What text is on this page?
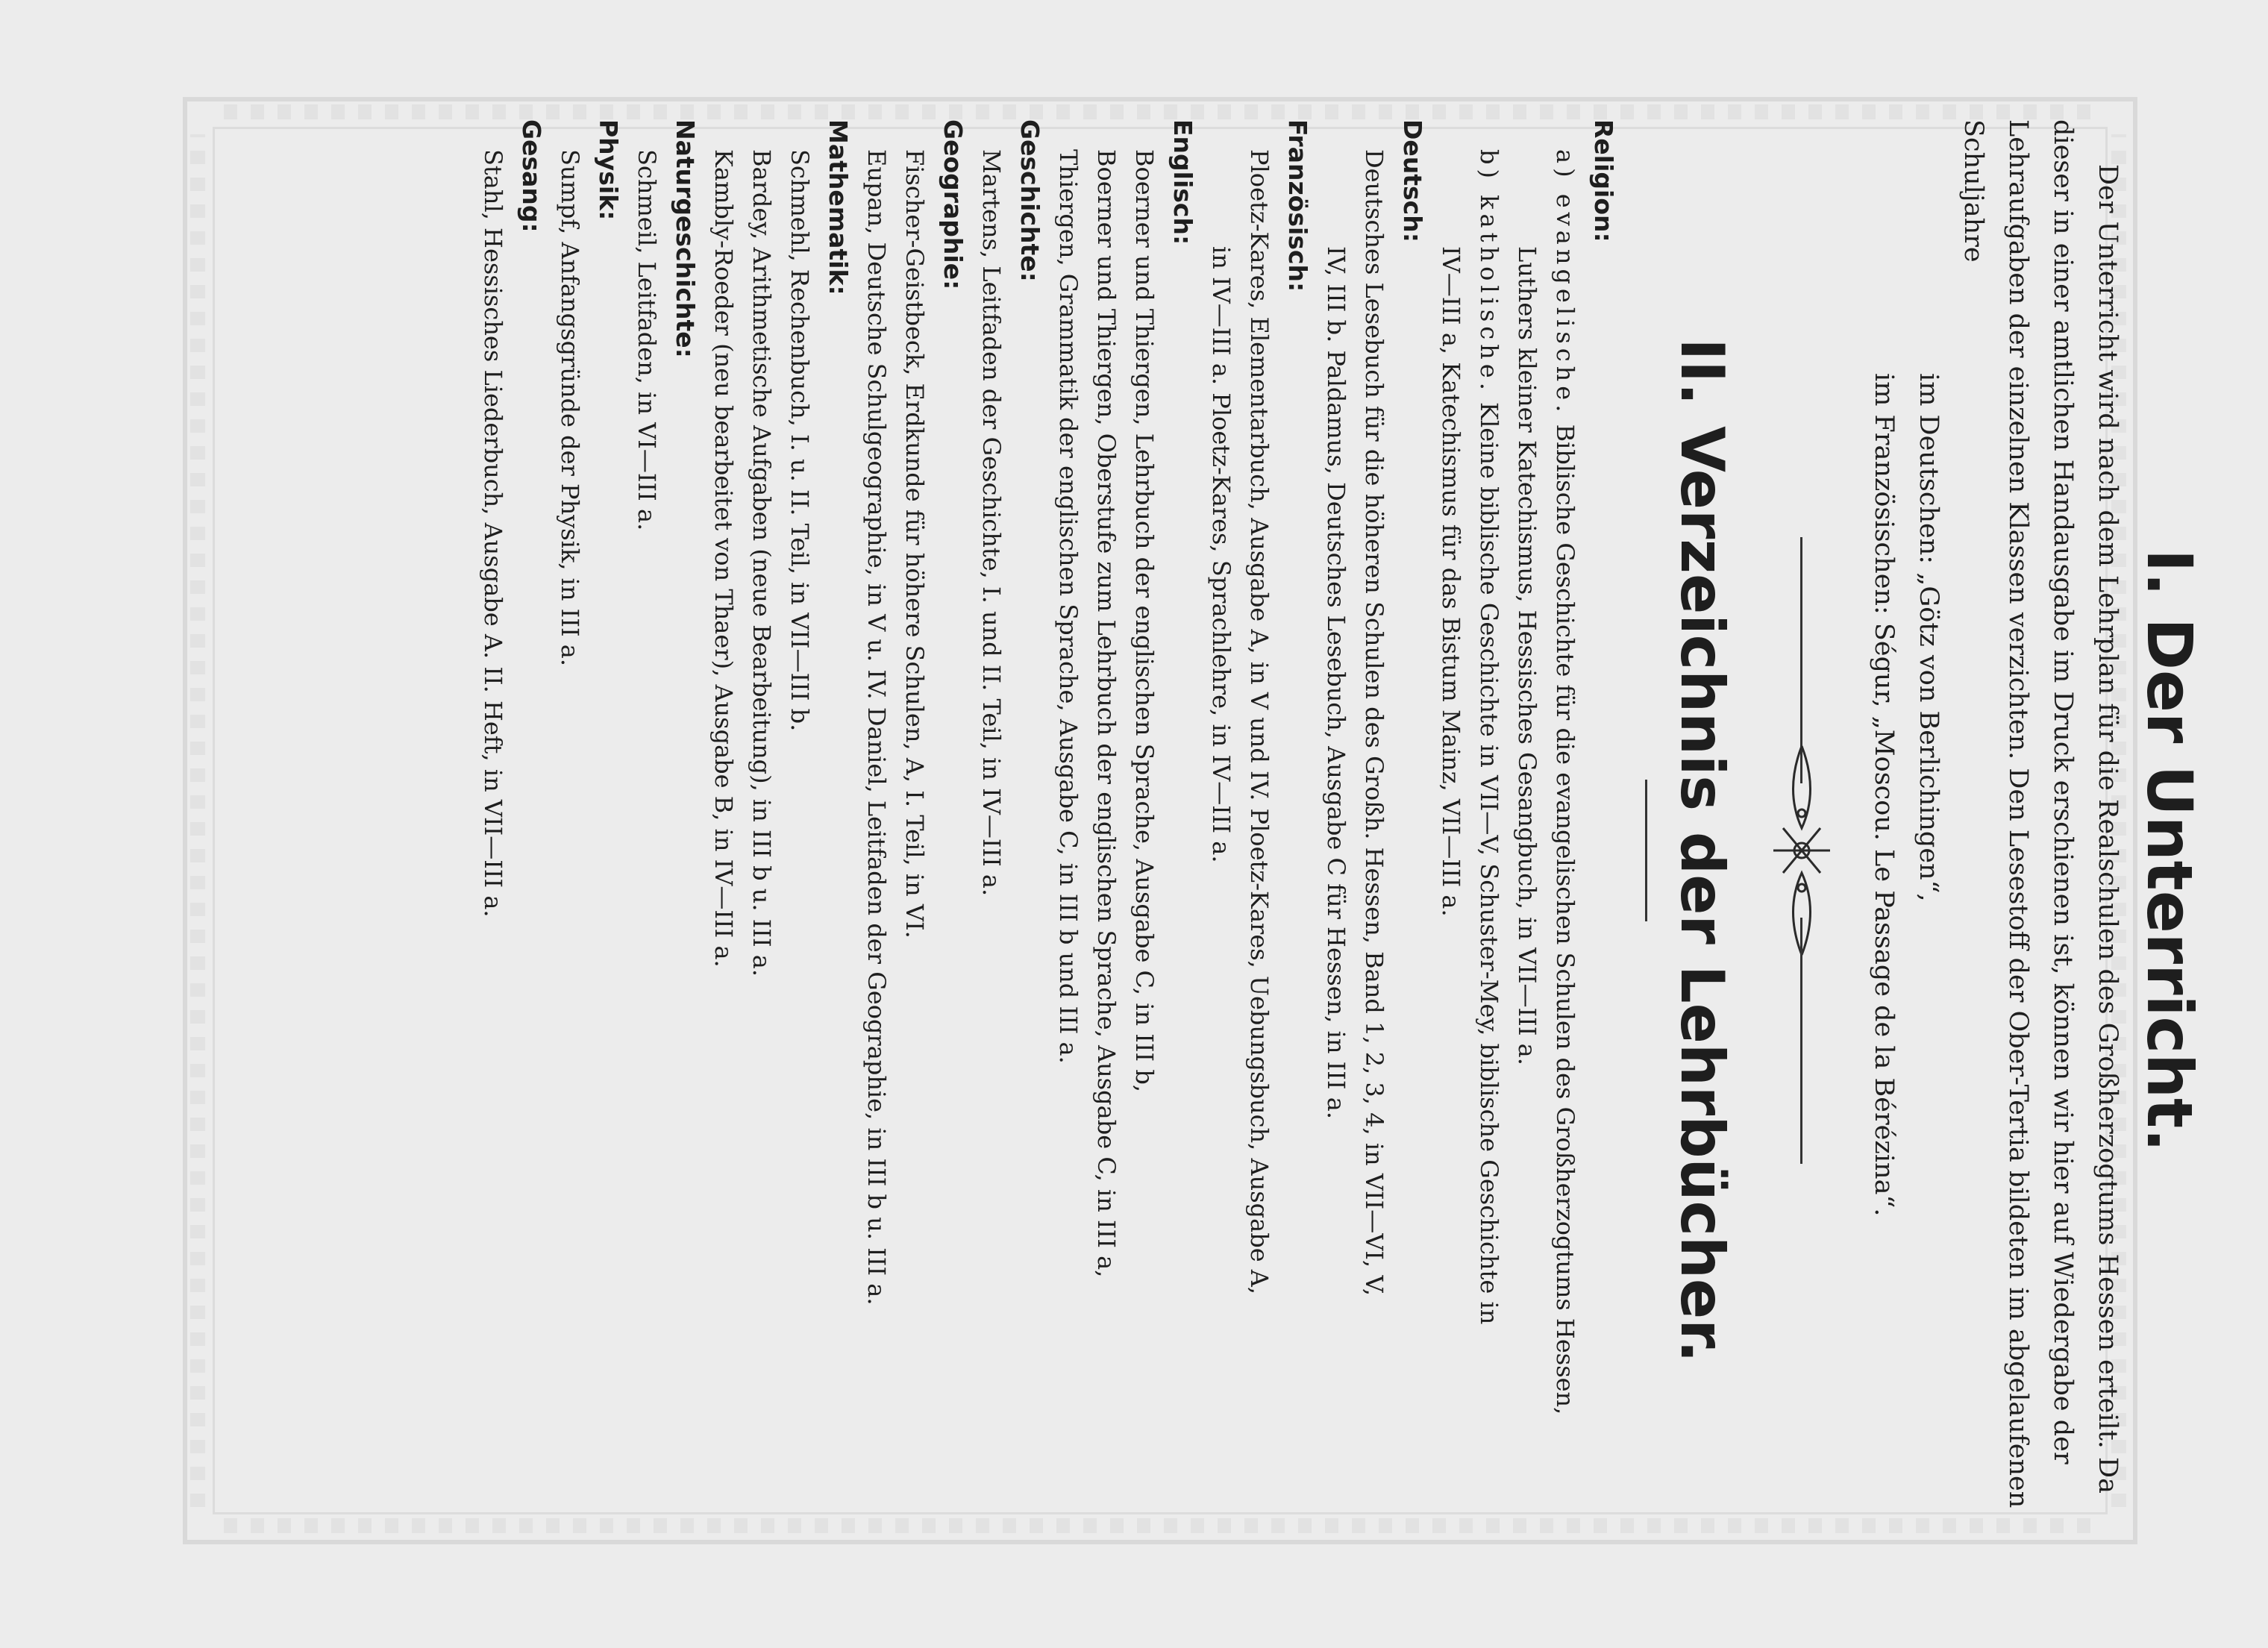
I. Der Unterricht.

Der Unterricht wird nach dem Lehrplan für die Realschulen des Großherzogtums Hessen erteilt. Da dieser in einer amtlichen Handausgabe im Druck erschienen ist, können wir hier auf Wiedergabe der Lehraufgaben der einzelnen Klassen verzichten. Den Lesestoff der Ober-Tertia bildeten im abgelaufenen Schuljahre

im Deutschen: „Götz von Berlichingen“,
im Französischen: Ségur, „Moscou. Le Passage de la Bérézina“.
II. Verzeichnis der Lehrbücher.
Religion:
a) evangelische. Biblische Geschichte für die evangelischen Schulen des Großherzogtums Hessen,
Luthers kleiner Katechismus, Hessisches Gesangbuch, in VII—III a.
b) katholische. Kleine biblische Geschichte in VII—V, Schuster-Mey, biblische Geschichte in
IV—III a, Katechismus für das Bistum Mainz, VII—III a.
Deutsch:
Deutsches Lesebuch für die höheren Schulen des Großh. Hessen, Band 1, 2, 3, 4, in VII—VI, V,
IV, III b. Paldamus, Deutsches Lesebuch, Ausgabe C für Hessen, in III a.
Französisch:
Ploetz-Kares, Elementarbuch, Ausgabe A, in V und IV. Ploetz-Kares, Uebungsbuch, Ausgabe A,
in IV—III a. Ploetz-Kares, Sprachlehre, in IV—III a.
Englisch:
Boerner und Thiergen, Lehrbuch der englischen Sprache, Ausgabe C, in III b,
Boerner und Thiergen, Oberstufe zum Lehrbuch der englischen Sprache, Ausgabe C, in III a,
Thiergen, Grammatik der englischen Sprache, Ausgabe C, in III b und III a.
Geschichte:
Martens, Leitfaden der Geschichte, I. und II. Teil, in IV—III a.
Geographie:
Fischer-Geistbeck, Erdkunde für höhere Schulen, A, I. Teil, in VI.
Eupan, Deutsche Schulgeographie, in V u. IV. Daniel, Leitfaden der Geographie, in III b u. III a.
Mathematik:
Schmehl, Rechenbuch, I. u. II. Teil, in VII—III b.
Bardey, Arithmetische Aufgaben (neue Bearbeitung), in III b u. III a.
Kambly-Roeder (neu bearbeitet von Thaer), Ausgabe B, in IV—III a.
Naturgeschichte:
Schmeil, Leitfaden, in VI—III a.
Physik:
Sumpf, Anfangsgründe der Physik, in III a.
Gesang:
Stahl, Hessisches Liederbuch, Ausgabe A. II. Heft, in VII—III a.
